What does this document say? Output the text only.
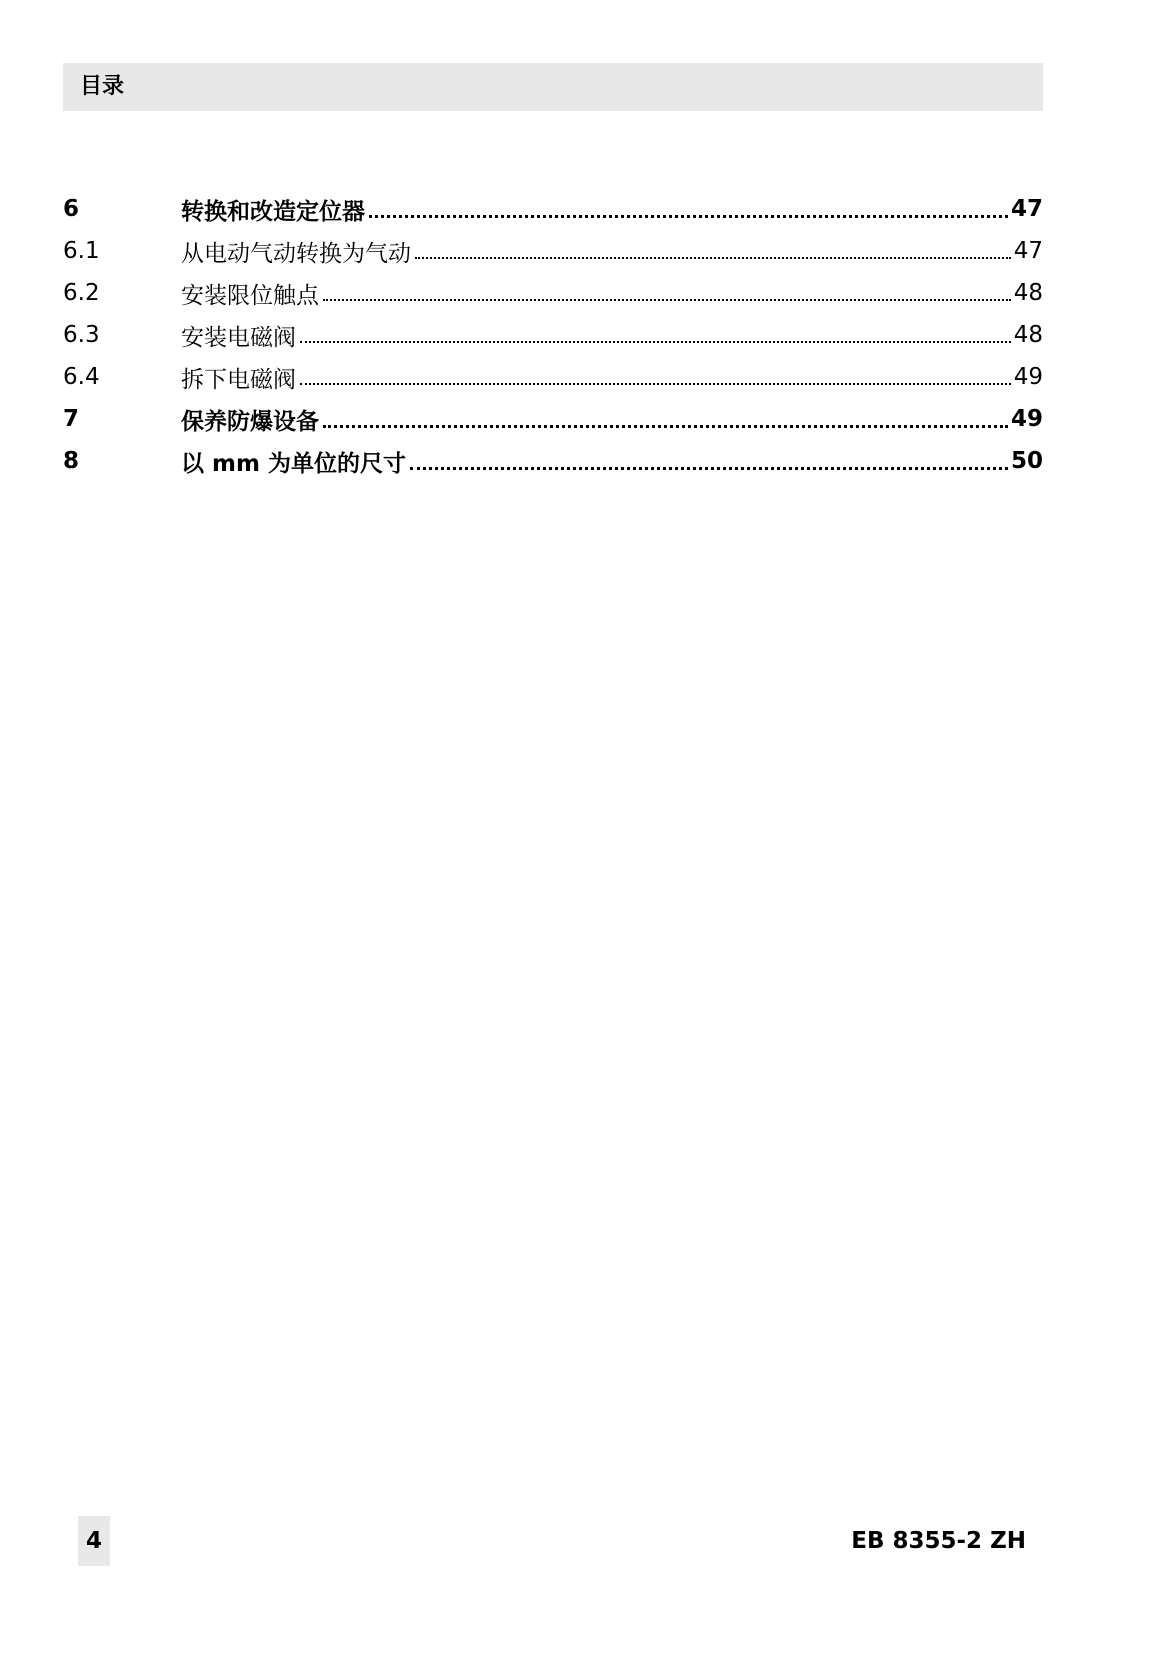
目录
6	转换和改造定位器	47
6.1	从电动气动转换为气动	47
6.2	安装限位触点	48
6.3	安装电磁阀	48
6.4	拆下电磁阀	49
7	保养防爆设备	49
8	以 mm 为单位的尺寸	50
4	EB 8355-2 ZH
